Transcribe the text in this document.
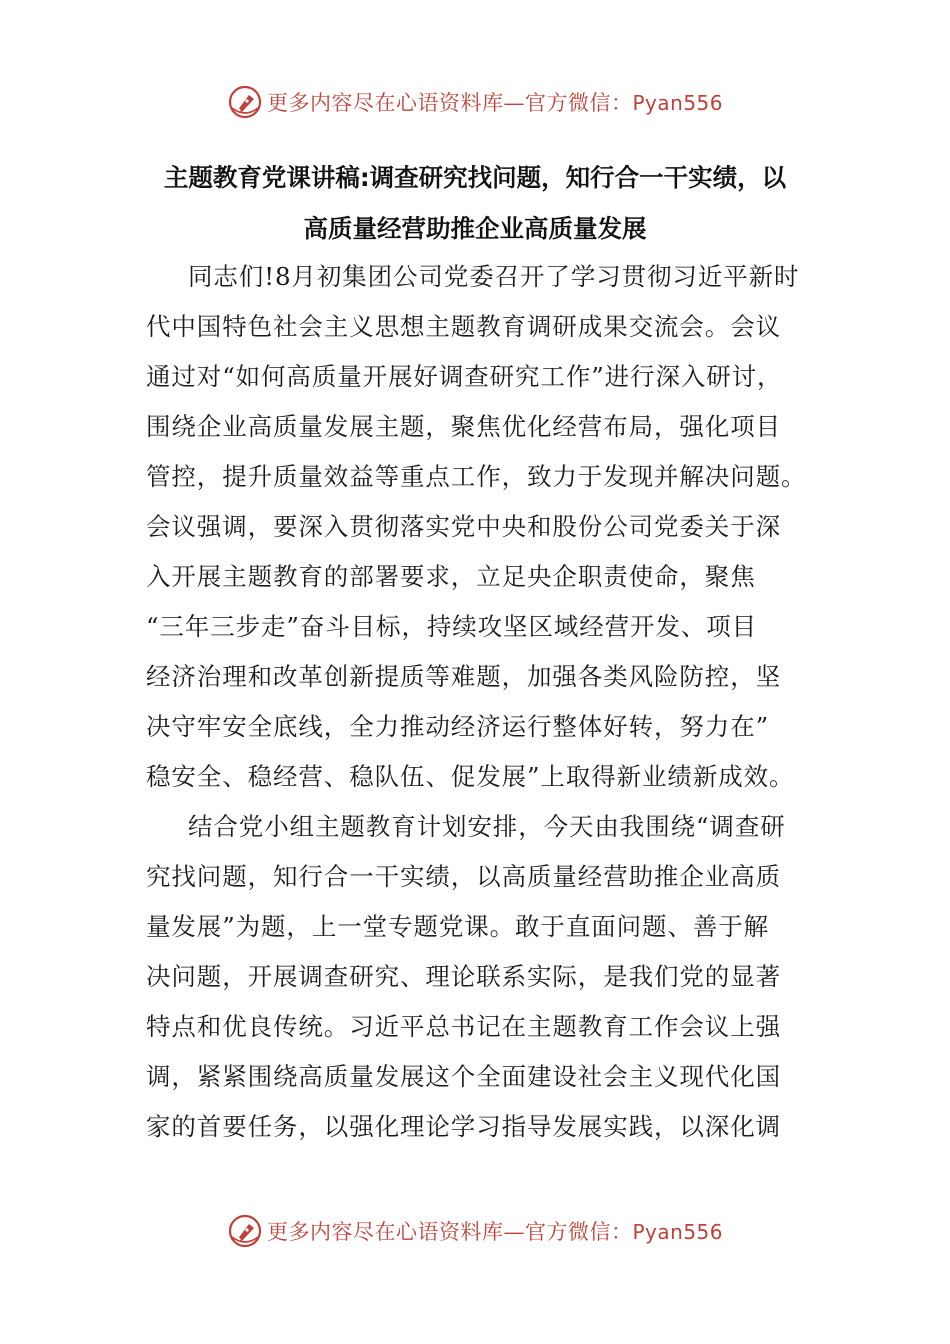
更多内容尽在心语资料库—官方微信：Pyan556
主题教育党课讲稿:调查研究找问题，知行合一干实绩，以
高质量经营助推企业高质量发展
同志们!8月初集团公司党委召开了学习贯彻习近平新时
代中国特色社会主义思想主题教育调研成果交流会。会议
通过对“如何高质量开展好调查研究工作”进行深入研讨，
围绕企业高质量发展主题，聚焦优化经营布局，强化项目
管控，提升质量效益等重点工作，致力于发现并解决问题。
会议强调，要深入贯彻落实党中央和股份公司党委关于深
入开展主题教育的部署要求，立足央企职责使命，聚焦
“三年三步走”奋斗目标，持续攻坚区域经营开发、项目
经济治理和改革创新提质等难题，加强各类风险防控，坚
决守牢安全底线，全力推动经济运行整体好转，努力在”
稳安全、稳经营、稳队伍、促发展”上取得新业绩新成效。
结合党小组主题教育计划安排，今天由我围绕“调查研
究找问题，知行合一干实绩，以高质量经营助推企业高质
量发展”为题，上一堂专题党课。敢于直面问题、善于解
决问题，开展调查研究、理论联系实际，是我们党的显著
特点和优良传统。习近平总书记在主题教育工作会议上强
调，紧紧围绕高质量发展这个全面建设社会主义现代化国
家的首要任务，以强化理论学习指导发展实践，以深化调
更多内容尽在心语资料库—官方微信：Pyan556
